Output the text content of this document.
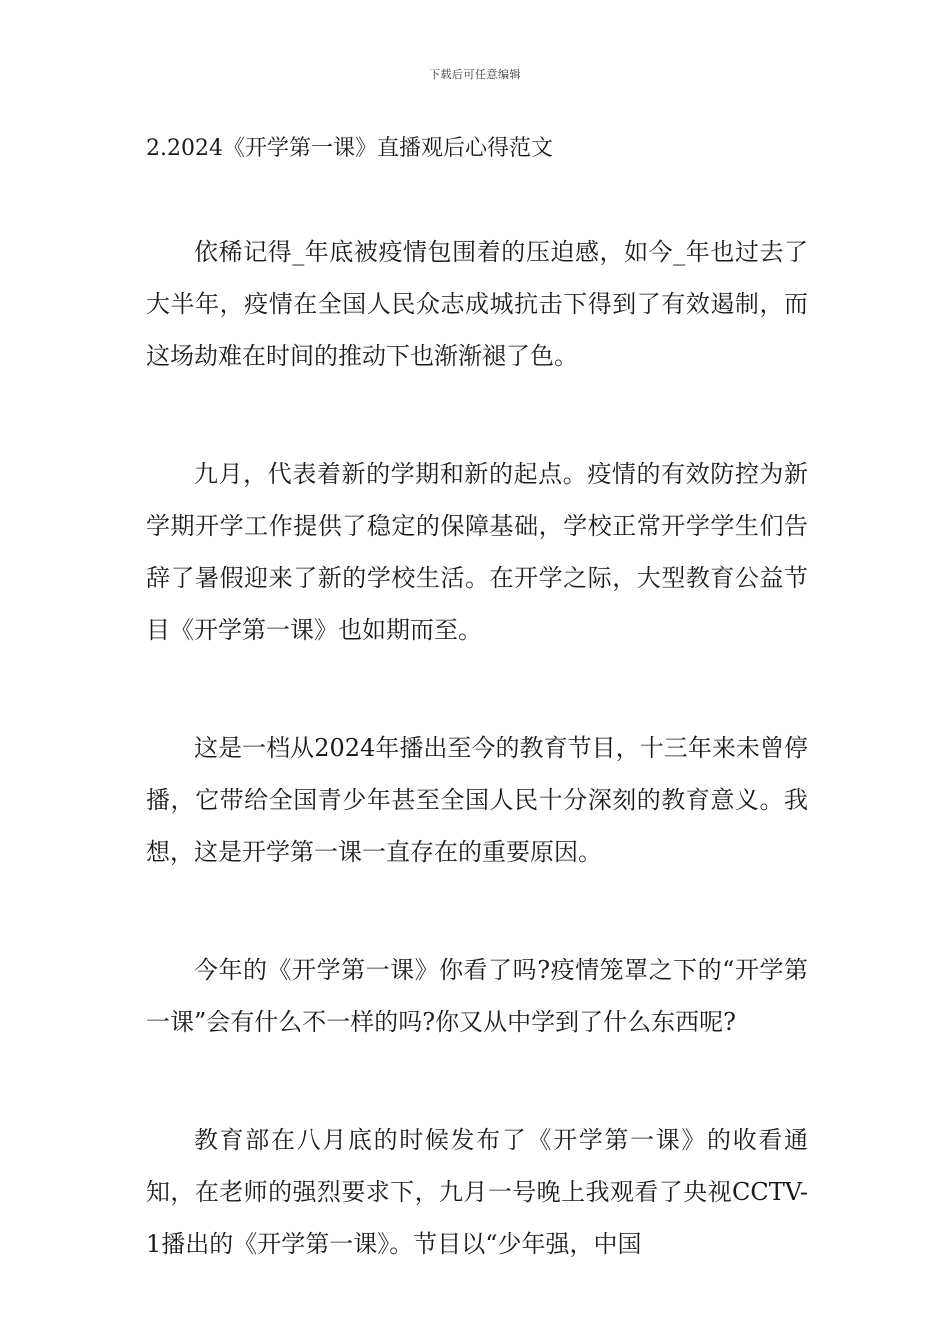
下载后可任意编辑
2.2024《开学第一课》直播观后心得范文

依稀记得_年底被疫情包围着的压迫感，如今_年也过去了大半年，疫情在全国人民众志成城抗击下得到了有效遏制，而这场劫难在时间的推动下也渐渐褪了色。

九月，代表着新的学期和新的起点。疫情的有效防控为新学期开学工作提供了稳定的保障基础，学校正常开学学生们告辞了暑假迎来了新的学校生活。在开学之际，大型教育公益节目《开学第一课》也如期而至。

这是一档从2024年播出至今的教育节目，十三年来未曾停播，它带给全国青少年甚至全国人民十分深刻的教育意义。我想，这是开学第一课一直存在的重要原因。

今年的《开学第一课》你看了吗?疫情笼罩之下的“开学第一课”会有什么不一样的吗?你又从中学到了什么东西呢?

教育部在八月底的时候发布了《开学第一课》的收看通知，在老师的强烈要求下，九月一号晚上我观看了央视CCTV-1播出的《开学第一课》。节目以“少年强，中国
